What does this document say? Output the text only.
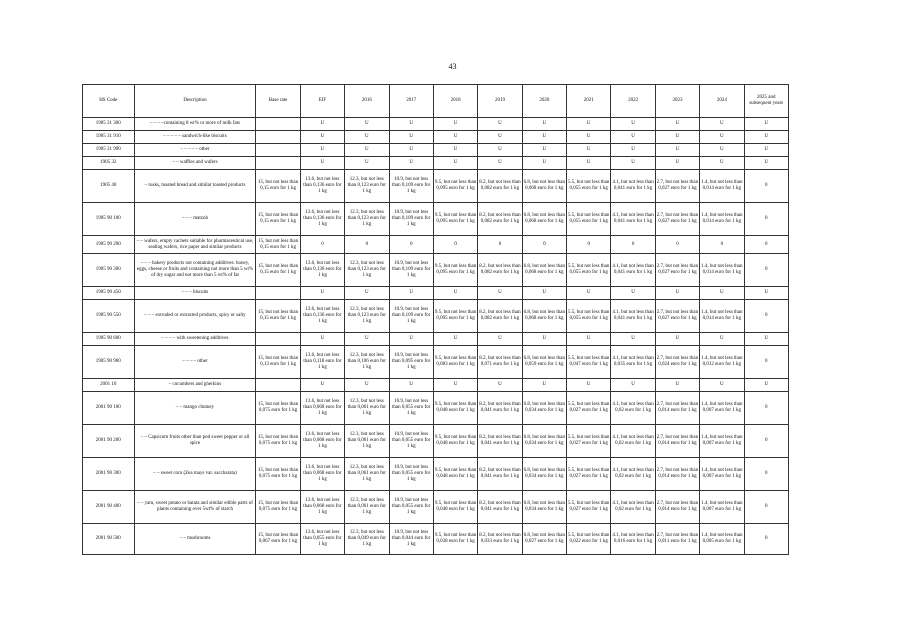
43
HS Code	Description	Base rate	EIF	2016	2017	2018	2019	2020	2021	2022	2023	2024	2025 and subsequent years
1905 31 300	– – – –containing 8 wt% or more of milk fats		U	U	U	U	U	U	U	U	U	U	U
1905 31 910	– – – – – sandwich-like biscuits		U	U	U	U	U	U	U	U	U	U	U
1905 31 990	– – – – – other		U	U	U	U	U	U	U	U	U	U	U
1905 32	– – waffles and wafers		U	U	U	U	U	U	U	U	U	U	U
1905 40	– rusks, toasted bread and similar toasted products	15, but not less than 0,15 euro for 1 kg	13.6, but not less than 0,136 euro for 1 kg	12.3, but not less than 0,123 euro for 1 kg	10.9, but not less than 0,109 euro for 1 kg	9.5, but not less than 0,095 euro for 1 kg	8.2, but not less than 0,082 euro for 1 kg	6.8, but not less than 0,068 euro for 1 kg	5.5, but not less than 0,055 euro for 1 kg	4.1, but not less than 0,041 euro for 1 kg	2.7, but not less than 0,027 euro for 1 kg	1.4, but not less than 0,014 euro for 1 kg	0
1905 90 100	– – – matzoh	15, but not less than 0,15 euro for 1 kg	13.6, but not less than 0,136 euro for 1 kg	12.3, but not less than 0,123 euro for 1 kg	10.9, but not less than 0,109 euro for 1 kg	9.5, but not less than 0,095 euro for 1 kg	8.2, but not less than 0,082 euro for 1 kg	6.8, but not less than 0,068 euro for 1 kg	5.5, but not less than 0,055 euro for 1 kg	4.1, but not less than 0,041 euro for 1 kg	2.7, but not less than 0,027 euro for 1 kg	1.4, but not less than 0,014 euro for 1 kg	0
1905 90 200	– – wafers, empty cachets suitable for pharmaceutical use, sealing wafers, rice paper and similar products	15, but not less than 0,15 euro for 1 kg	0	0	0	0	0	0	0	0	0	0	0
1905 90 300	– – – bakery products not containing additives: honey, eggs, cheese or fruits and containing not more than 5 wt% of dry sugar and not more than 5 wt% of fat	15, but not less than 0,15 euro for 1 kg	13.6, but not less than 0,136 euro for 1 kg	12.3, but not less than 0,123 euro for 1 kg	10.9, but not less than 0,109 euro for 1 kg	9.5, but not less than 0,095 euro for 1 kg	8.2, but not less than 0,082 euro for 1 kg	6.8, but not less than 0,068 euro for 1 kg	5.5, but not less than 0,055 euro for 1 kg	4.1, but not less than 0,041 euro for 1 kg	2.7, but not less than 0,027 euro for 1 kg	1.4, but not less than 0,014 euro for 1 kg	0
1905 90 450	– – – biscuits		U	U	U	U	U	U	U	U	U	U	U
1905 90 550	– – – extruded or extracted products, spicy or salty	15, but not less than 0,15 euro for 1 kg	13.6, but not less than 0,136 euro for 1 kg	12.3, but not less than 0,123 euro for 1 kg	10.9, but not less than 0,109 euro for 1 kg	9.5, but not less than 0,095 euro for 1 kg	8.2, but not less than 0,082 euro for 1 kg	6.8, but not less than 0,068 euro for 1 kg	5.5, but not less than 0,055 euro for 1 kg	4.1, but not less than 0,041 euro for 1 kg	2.7, but not less than 0,027 euro for 1 kg	1.4, but not less than 0,014 euro for 1 kg	0
1905 90 600	– – – – with sweetening additives		U	U	U	U	U	U	U	U	U	U	U
1905 90 900	– – – – other	15, but not less than 0,13 euro for 1 kg	13.6, but not less than 0,118 euro for 1 kg	12.3, but not less than 0,106 euro for 1 kg	10.9, but not less than 0,095 euro for 1 kg	9.5, but not less than 0,083 euro for 1 kg	8.2, but not less than 0,071 euro for 1 kg	6.8, but not less than 0,059 euro for 1 kg	5.5, but not less than 0,047 euro for 1 kg	4.1, but not less than 0,035 euro for 1 kg	2.7, but not less than 0,024 euro for 1 kg	1.4, but not less than 0,012 euro for 1 kg	0
2001 10	– cucumbers and gherkins		U	U	U	U	U	U	U	U	U	U	U
2001 90 100	– – mango chutney	15, but not less than 0,075 euro for 1 kg	13.6, but not less than 0,068 euro for 1 kg	12.3, but not less than 0,061 euro for 1 kg	10.9, but not less than 0,055 euro for 1 kg	9.5, but not less than 0,048 euro for 1 kg	8.2, but not less than 0,041 euro for 1 kg	6.8, but not less than 0,034 euro for 1 kg	5.5, but not less than 0,027 euro for 1 kg	4.1, but not less than 0,02 euro for 1 kg	2.7, but not less than 0,014 euro for 1 kg	1.4, but not less than 0,007 euro for 1 kg	0
2001 90 200	– – Capsicum fruits other than pod sweet pepper or all spice	15, but not less than 0,075 euro for 1 kg	13.6, but not less than 0,068 euro for 1 kg	12.3, but not less than 0,061 euro for 1 kg	10.9, but not less than 0,055 euro for 1 kg	9.5, but not less than 0,048 euro for 1 kg	8.2, but not less than 0,041 euro for 1 kg	6.8, but not less than 0,034 euro for 1 kg	5.5, but not less than 0,027 euro for 1 kg	4.1, but not less than 0,02 euro for 1 kg	2.7, but not less than 0,014 euro for 1 kg	1.4, but not less than 0,007 euro for 1 kg	0
2001 90 300	– – sweet corn (Zea mays var. saccharata)	15, but not less than 0,075 euro for 1 kg	13.6, but not less than 0,068 euro for 1 kg	12.3, but not less than 0,061 euro for 1 kg	10.9, but not less than 0,055 euro for 1 kg	9.5, but not less than 0,048 euro for 1 kg	8.2, but not less than 0,041 euro for 1 kg	6.8, but not less than 0,034 euro for 1 kg	5.5, but not less than 0,027 euro for 1 kg	4.1, but not less than 0,02 euro for 1 kg	2.7, but not less than 0,014 euro for 1 kg	1.4, but not less than 0,007 euro for 1 kg	0
2001 90 400	– – yam, sweet potato or batata and similar edible parts of plants containing over 5wt% of starch	15, but not less than 0,075 euro for 1 kg	13.6, but not less than 0,068 euro for 1 kg	12.3, but not less than 0,061 euro for 1 kg	10.9, but not less than 0,055 euro for 1 kg	9.5, but not less than 0,048 euro for 1 kg	8.2, but not less than 0,041 euro for 1 kg	6.8, but not less than 0,034 euro for 1 kg	5.5, but not less than 0,027 euro for 1 kg	4.1, but not less than 0,02 euro for 1 kg	2.7, but not less than 0,014 euro for 1 kg	1.4, but not less than 0,007 euro for 1 kg	0
2001 90 500	– – mushrooms	15, but not less than 0,067 euro for 1 kg	13.6, but not less than 0,055 euro for 1 kg	12.3, but not less than 0,049 euro for 1 kg	10.9, but not less than 0,044 euro for 1 kg	9.5, but not less than 0,038 euro for 1 kg	8.2, but not less than 0,033 euro for 1 kg	6.8, but not less than 0,027 euro for 1 kg	5.5, but not less than 0,022 euro for 1 kg	4.1, but not less than 0,016 euro for 1 kg	2.7, but not less than 0,011 euro for 1 kg	1.4, but not less than 0,005 euro for 1 kg	0
